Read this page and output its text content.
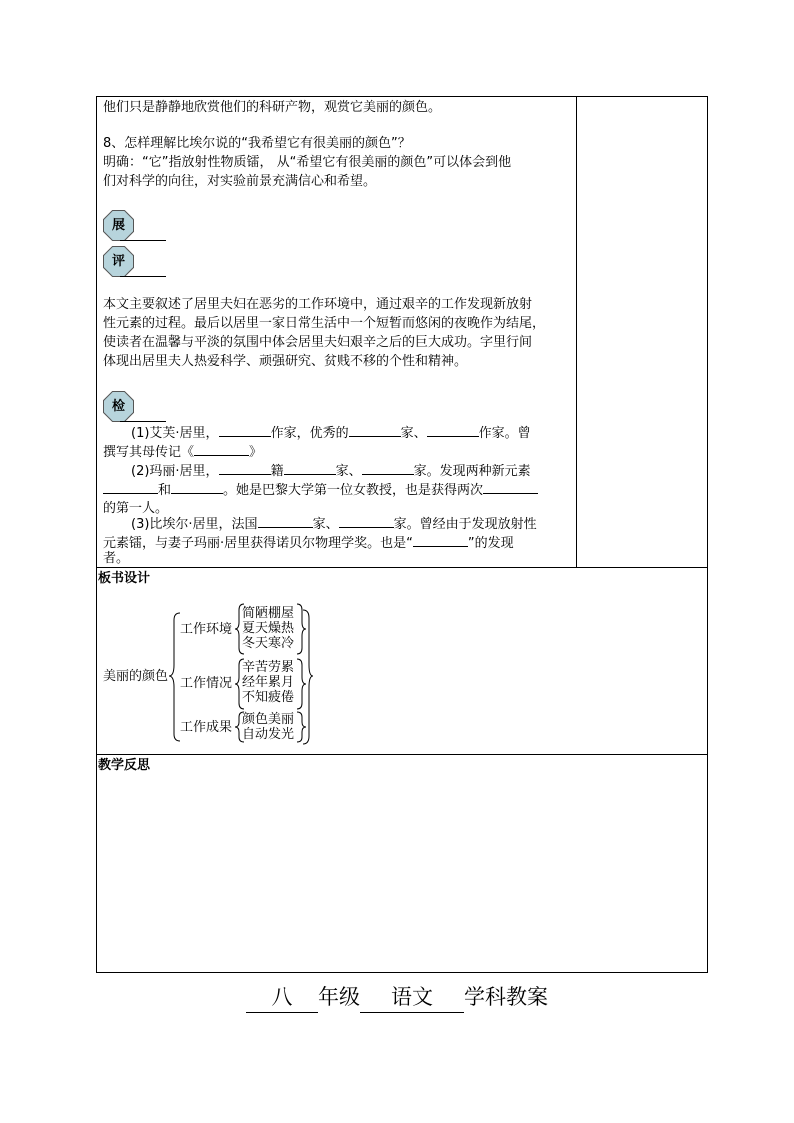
他们只是静静地欣赏他们的科研产物，观赏它美丽的颜色。
8、怎样理解比埃尔说的“我希望它有很美丽的颜色”？
明确：“它”指放射性物质镭， 从“希望它有很美丽的颜色”可以体会到他
们对科学的向往，对实验前景充满信心和希望。
展
评
本文主要叙述了居里夫妇在恶劣的工作环境中，通过艰辛的工作发现新放射
性元素的过程。最后以居里一家日常生活中一个短暂而悠闲的夜晚作为结尾，
使读者在温馨与平淡的氛围中体会居里夫妇艰辛之后的巨大成功。字里行间
体现出居里夫人热爱科学、顽强研究、贫贱不移的个性和精神。
检
(1)艾芙·居里，	作家，优秀的	家、	作家。曾
撰写其母传记《	》
(2)玛丽·居里，	籍	家、	家。发现两种新元素
和	。她是巴黎大学第一位女教授，也是获得两次
的第一人。
(3)比埃尔·居里，法国	家、	家。曾经由于发现放射性
元素镭，与妻子玛丽·居里获得诺贝尔物理学奖。也是“	”的发现
者。
板书设计
美丽的颜色
工作环境
简陋棚屋
夏天燥热
冬天寒冷
工作情况
辛苦劳累
经年累月
不知疲倦
工作成果
颜色美丽
自动发光
教学反思
八 年级 语文 学科教案
